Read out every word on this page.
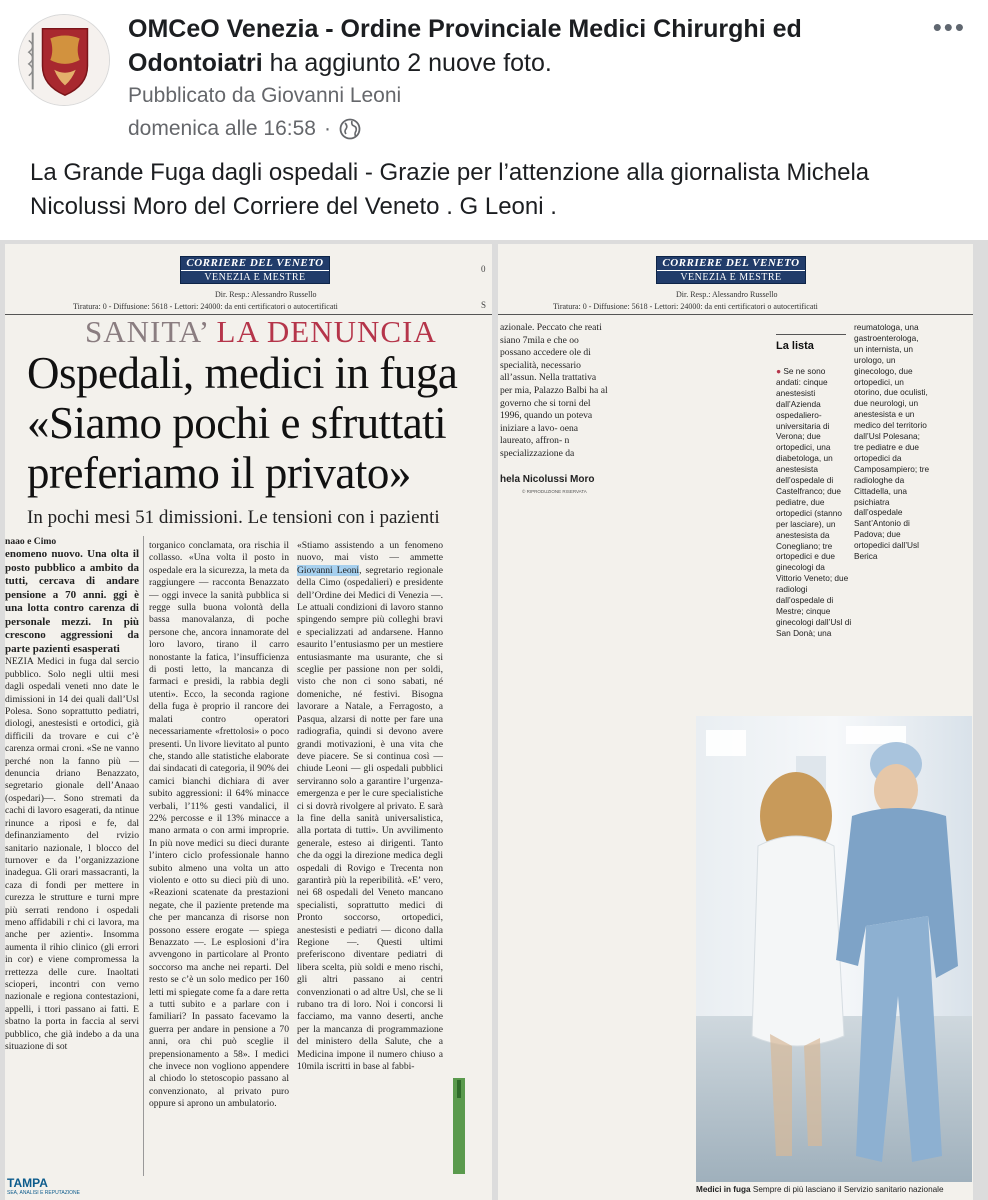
OMCeO Venezia - Ordine Provinciale Medici Chirurghi ed Odontoiatri ha aggiunto 2 nuove foto.
Pubblicato da Giovanni Leoni
domenica alle 16:58 ·
•••
La Grande Fuga dagli ospedali - Grazie per l’attenzione alla giornalista Michela Nicolussi Moro del Corriere del Veneto . G Leoni .
CORRIERE DEL VENETO
VENEZIA E MESTRE
0
Dir. Resp.: Alessandro Russello
Tiratura: 0 - Diffusione: 5618 - Lettori: 24000: da enti certificatori o autocertificati	S
SANITA’ LA DENUNCIA
Ospedali, medici in fuga «Siamo pochi e sfruttati preferiamo il privato»
In pochi mesi 51 dimissioni. Le tensioni con i pazienti

naao e Cimo

enomeno nuovo. Una olta il posto pubblico a ambito da tutti, cercava di andare pensione a 70 anni. ggi è una lotta contro carenza di personale mezzi. In più crescono aggressioni da parte pazienti esasperati

NEZIA Medici in fuga dal sercio pubblico. Solo negli ultii mesi dagli ospedali veneti nno date le dimissioni in 14 dei quali dall’Usl Polesa. Sono soprattutto pediatri, diologi, anestesisti e ortodici, già difficili da trovare e cui c’è carenza ormai croni. «Se ne vanno perché non la fanno più — denuncia driano Benazzato, segretario gionale dell’Anaao (ospedari)—. Sono stremati da cachi di lavoro esagerati, da ntinue rinunce a riposi e fe, dal definanziamento del rvizio sanitario nazionale, l blocco del turnover e da l’organizzazione inadegua. Gli orari massacranti, la caza di fondi per mettere in curezza le strutture e turni mpre più serrati rendono i ospedali meno affidabili r chi ci lavora, ma anche per azienti». Insomma aumenta il rihio clinico (gli errori in cor) e viene compromessa la rrettezza delle cure. Inaoltati scioperi, incontri con verno nazionale e regiona contestazioni, appelli, i ttori passano ai fatti. E sbatno la porta in faccia al servi pubblico, che già indebo a da una situazione di sot

torganico conclamata, ora rischia il collasso. «Una volta il posto in ospedale era la sicurezza, la meta da raggiungere — racconta Benazzato — oggi invece la sanità pubblica si regge sulla buona volontà della bassa manovalanza, di poche persone che, ancora innamorate del loro lavoro, tirano il carro nonostante la fatica, l’insufficienza di posti letto, la mancanza di farmaci e presidi, la rabbia degli utenti». Ecco, la seconda ragione della fuga è proprio il rancore dei malati contro operatori necessariamente «frettolosi» o poco presenti. Un livore lievitato al punto che, stando alle statistiche elaborate dai sindacati di categoria, il 90% dei camici bianchi dichiara di aver subito aggressioni: il 64% minacce verbali, l’11% gesti vandalici, il 22% percosse e il 13% minacce a mano armata o con armi improprie. In più nove medici su dieci durante l’intero ciclo professionale hanno subito almeno una volta un atto violento e otto su dieci più di uno. «Reazioni scatenate da prestazioni negate, che il paziente pretende ma che per mancanza di risorse non possono essere erogate — spiega Benazzato —. Le esplosioni d’ira avvengono in particolare al Pronto soccorso ma anche nei reparti. Del resto se c’è un solo medico per 160 letti mi spiegate come fa a dare retta a tutti subito e a parlare con i familiari? In passato facevamo la guerra per andare in pensione a 70 anni, ora chi può sceglie il prepensionamento a 58». I medici che invece non vogliono appendere al chiodo lo stetoscopio passano al convenzionato, al privato puro oppure si aprono un ambulatorio.

«Stiamo assistendo a un fenomeno nuovo, mai visto — ammette Giovanni Leoni, segretario regionale della Cimo (ospedalieri) e presidente dell’Ordine dei Medici di Venezia —. Le attuali condizioni di lavoro stanno spingendo sempre più colleghi bravi e specializzati ad andarsene. Hanno esaurito l’entusiasmo per un mestiere entusiasmante ma usurante, che si sceglie per passione non per soldi, visto che non ci sono sabati, né domeniche, né festivi. Bisogna lavorare a Natale, a Ferragosto, a Pasqua, alzarsi di notte per fare una radiografia, quindi si devono avere grandi motivazioni, è una vita che deve piacere. Se si continua così — chiude Leoni — gli ospedali pubblici serviranno solo a garantire l’urgenza-emergenza e per le cure specialistiche ci si dovrà rivolgere al privato. E sarà la fine della sanità universalistica, alla portata di tutti». Un avvilimento generale, esteso ai dirigenti. Tanto che da oggi la direzione medica degli ospedali di Rovigo e Trecenta non garantirà più la reperibilità. «E’ vero, nei 68 ospedali del Veneto mancano specialisti, soprattutto medici di Pronto soccorso, ortopedici, anestesisti e pediatri — dicono dalla Regione —. Questi ultimi preferiscono diventare pediatri di libera scelta, più soldi e meno rischi, gli altri passano ai centri convenzionati o ad altre Usl, che se li rubano tra di loro. Noi i concorsi li facciamo, ma vanno deserti, anche per la mancanza di programmazione del ministero della Salute, che a Medicina impone il numero chiuso a 10mila iscritti in base al fabbi-

TAMPA
SEA, ANALISI E REPUTAZIONE
CORRIERE DEL VENETO
VENEZIA E MESTRE
Dir. Resp.: Alessandro Russello
Tiratura: 0 - Diffusione: 5618 - Lettori: 24000: da enti certificatori o autocertificati
azionale. Peccato che reati siano 7mila e che oo possano accedere ole di specialità, necessario all’assun. Nella trattativa per mia, Palazzo Balbi ha al governo che si torni del 1996, quando un poteva iniziare a lavo- oena laureato, affron- n specializzazione da
hela Nicolussi Moro
© RIPRODUZIONE RISERVATA
La lista
● Se ne sono andati: cinque anestesisti dall’Azienda ospedaliero-universitaria di Verona; due ortopedici, una diabetologa, un anestesista dell’ospedale di Castelfranco; due pediatre, due ortopedici (stanno per lasciare), un anestesista da Conegliano; tre ortopedici e due ginecologi da Vittorio Veneto; due radiologi dall’ospedale di Mestre; cinque ginecologi dall’Usl di San Donà; una
reumatologa, una gastroenterologa, un internista, un urologo, un ginecologo, due ortopedici, un otorino, due oculisti, due neurologi, un anestesista e un medico del territorio dall’Usl Polesana; tre pediatre e due ortopedici da Camposampiero; tre radiologhe da Cittadella, una psichiatra dall’ospedale Sant’Antonio di Padova; due ortopedici dall’Usl Berica
Medici in fuga Sempre di più lasciano il Servizio sanitario nazionale
